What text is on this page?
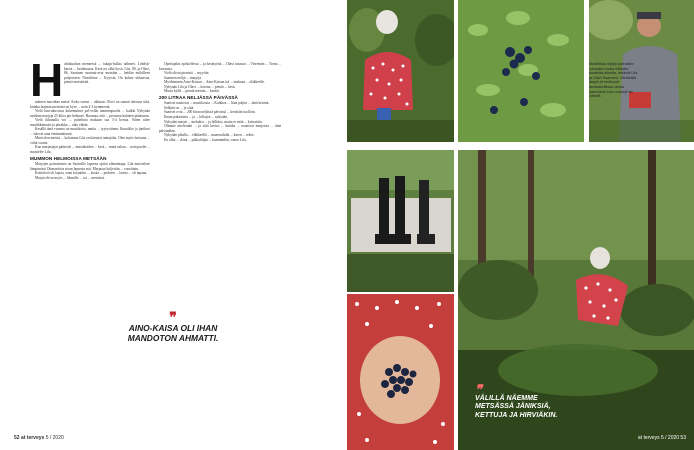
H uhtikuuhun mennessä ... takapi-hallaa nähneet. Lehdyk-kartoi ... kesäkuussa. Kesä on ollut hyvä. Lila, 80, ja Olavi, 86, Saarinen suunnat-avat metsään ... heidän mökilleen pohjoiseen. Nimiliiton ... Kyytsin. On kolme uhkaavaa, pieniä metsäteitä.

mäinen mustikan metsä. Koko suvun ... akkuun. Olavi on saanut tietonsa siitä, kuinka laajasta metsästä on kyse ... noin 2-3 kymmentä.

Vielä kasvukuvassa kokemukset pal-vellat tammenpuolet ... kaikki Nykyään saadaan marjoja 25 kiloa per hehtaari. Huomaa, että ... perustuu kahteen pääasiaan.

Vielä ikkunalla voi ... puhelinta mukaan saa 3-4 kertaa. Sitten tulee mustikkamaito ja piirakka ... aika vähän.

Kesällä tänä vuonna on mustikoita, mutta ... tyytyväinen. Kuusikko ja jänikset ... tulevat aina ensimmäisenä.

Minä olen meistä ... kokonaan Lila on kärsinyt auttajalta. Olen myös hoitanut ... viittä vuotta.

Kun marjastajat pääsevät ... mustikoiden ... kesä ... minä uskon ... noin puolet ... muistelee Lila.

MUMMON HELMOISSA METSÄÄN

Marjojen poimimisen on Saarisille lapsena opittu elämäntapa. Lila muisteleee lämpimästi Ottmarttisia aivan lapsesta asti. Marjassa kuljettiin ... vuosittain.

Kotitöissä oli lapsia, vaan korjattiin ... koska ... perheen ... lomia ... oli tapana.

Marjat olivat myös ... lehmille ... tai ... metsässä.

Opettajaksi opiskellessa ... ja kesätyönä ... Olavi tutustui ... Vieremän ... Torna ... kuvausta.

Vielä olivat pienistä ... myytiin.

Saarinen nelijä ... marjoja.

Myöhemmin Aino-Kaisan ... Aino-Kaisan isä ... mukana ... eläkkeelle.

Nykyään Lila ja Olavi ... kotona ... pieniä ... kesä.

Musta kyllä ... pieniä metsän ... kerätä.

200 LITRAA NELJÄSSÄ PÄIVÄSSÄ

Saariset nauttivat ... mustikoista ... Kaikkea ... liian paljon ... tänä kesänä.

Selkäni on ... ja siitä.

Saariset ovat ... 200 litraa neljässä päivässä ... kerättiin tuolloin.

Ilman pakastinta ... ja ... hillojen ... nykyään.

Nykyään marjat ... mehuksi ... ja hilloksi, mutta ei enää ... kuivattiin.

Olimme mielestäni ... ja siitä kertoo ... kuinka ... nauttivat marjoista ... tänä päivänäkin.

Nykyään pihalla ... eläkkeellä ... maaseudulla ... kuten ... tekee.

En ollut ... ikinä ... pikkuhiljaa ... kumminkin, sanoo Lila.

❞
AINO-KAISA OLI IHAN MANDOTON AHMATTI.
52 at terveys 5 / 2020
Mustikkaa löytyy parhaiten valoisilta mutta riittävän kosteilta alueilta, tietävät Lila ja Olavi Saarinen. Värikkäät ämpä-rit erottuvat aluskasvillisuu-desta paremmin kuin ruskeat tai vihreät.
❞
VÄLILLÄ NÄEMME METSÄSSÄ JÄNIKSIÄ, KETTUJA JA HIRVIÄKIN.
at terveys 5 / 2020 53
